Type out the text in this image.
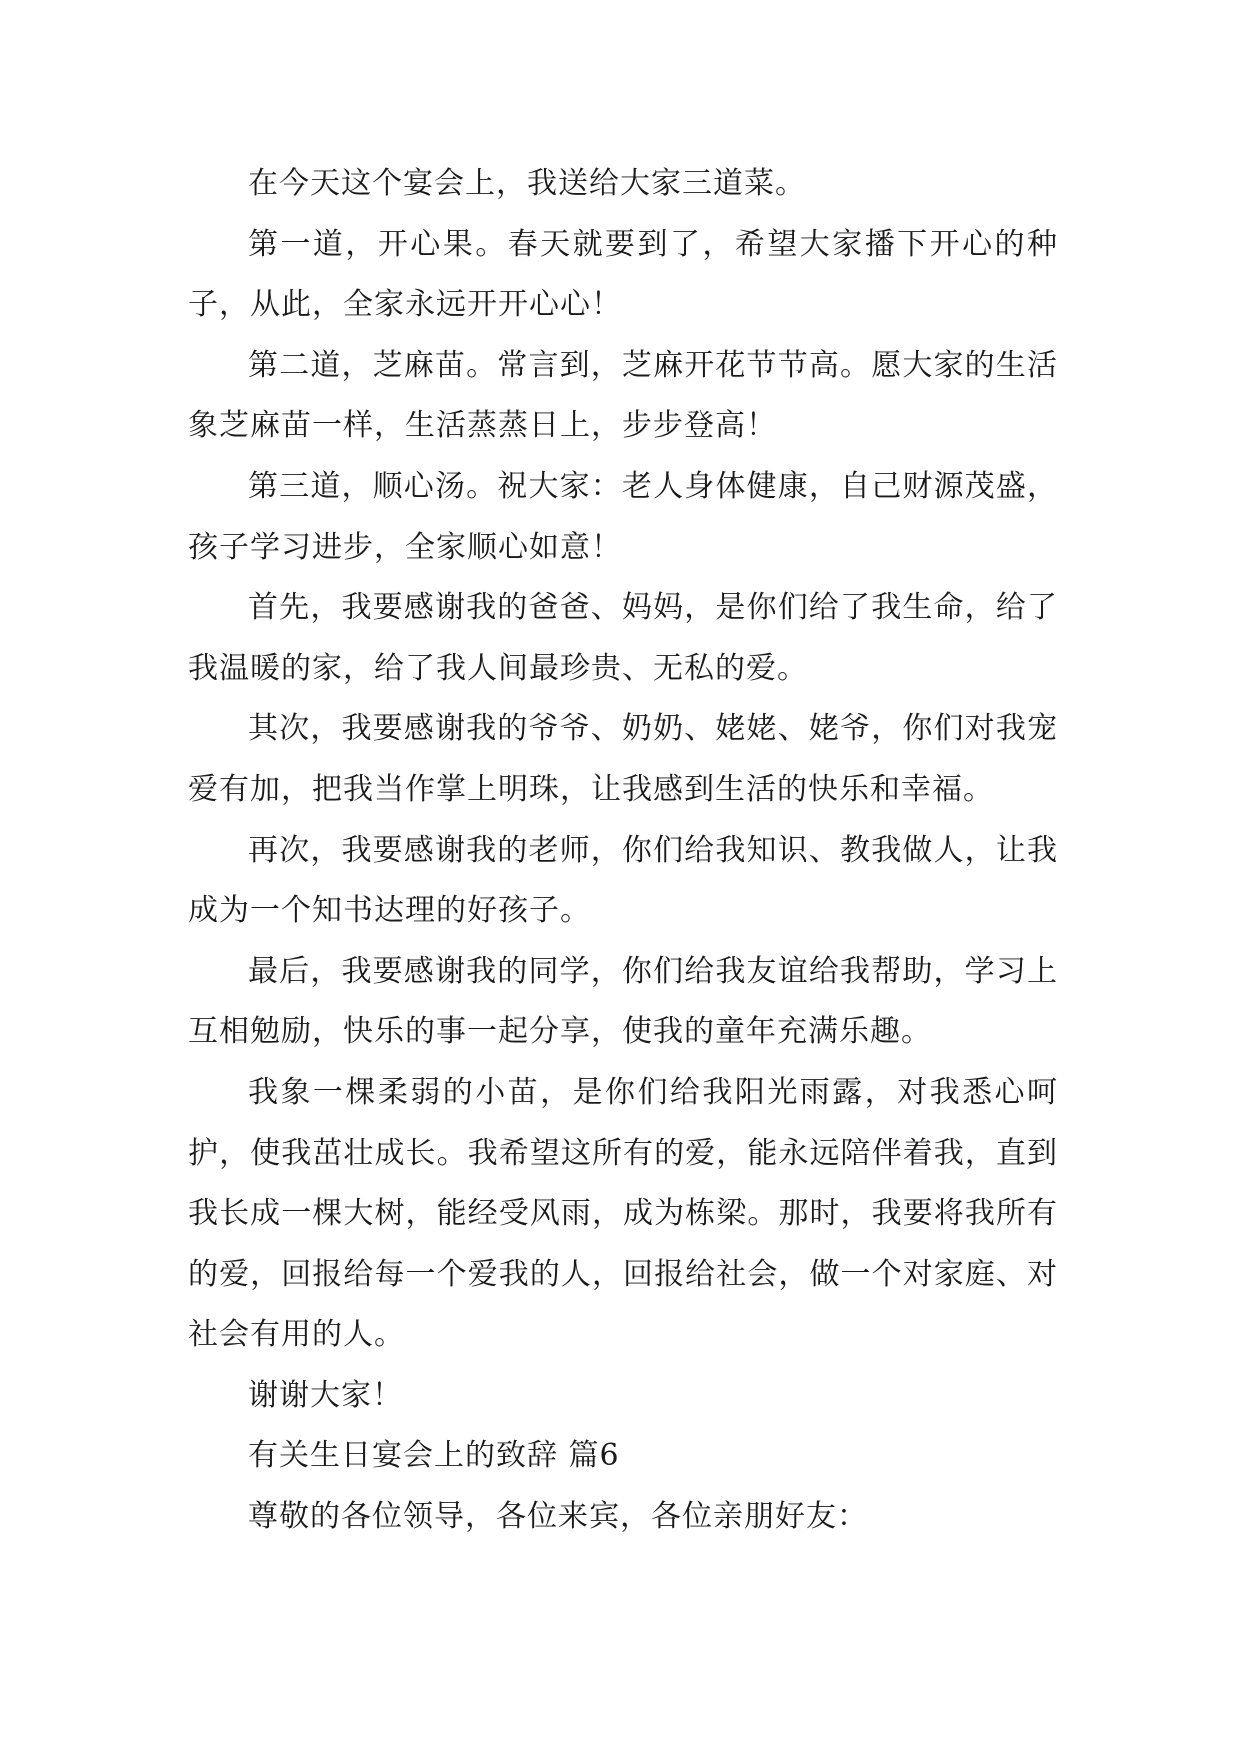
在今天这个宴会上，我送给大家三道菜。

第一道，开心果。春天就要到了，希望大家播下开心的种子，从此，全家永远开开心心！

第二道，芝麻苗。常言到，芝麻开花节节高。愿大家的生活象芝麻苗一样，生活蒸蒸日上，步步登高！

第三道，顺心汤。祝大家：老人身体健康，自己财源茂盛，孩子学习进步，全家顺心如意！

首先，我要感谢我的爸爸、妈妈，是你们给了我生命，给了我温暖的家，给了我人间最珍贵、无私的爱。

其次，我要感谢我的爷爷、奶奶、姥姥、姥爷，你们对我宠爱有加，把我当作掌上明珠，让我感到生活的快乐和幸福。

再次，我要感谢我的老师，你们给我知识、教我做人，让我成为一个知书达理的好孩子。

最后，我要感谢我的同学，你们给我友谊给我帮助，学习上互相勉励，快乐的事一起分享，使我的童年充满乐趣。

我象一棵柔弱的小苗，是你们给我阳光雨露，对我悉心呵护，使我茁壮成长。我希望这所有的爱，能永远陪伴着我，直到我长成一棵大树，能经受风雨，成为栋梁。那时，我要将我所有的爱，回报给每一个爱我的人，回报给社会，做一个对家庭、对社会有用的人。

谢谢大家！

有关生日宴会上的致辞 篇6

尊敬的各位领导，各位来宾，各位亲朋好友：
